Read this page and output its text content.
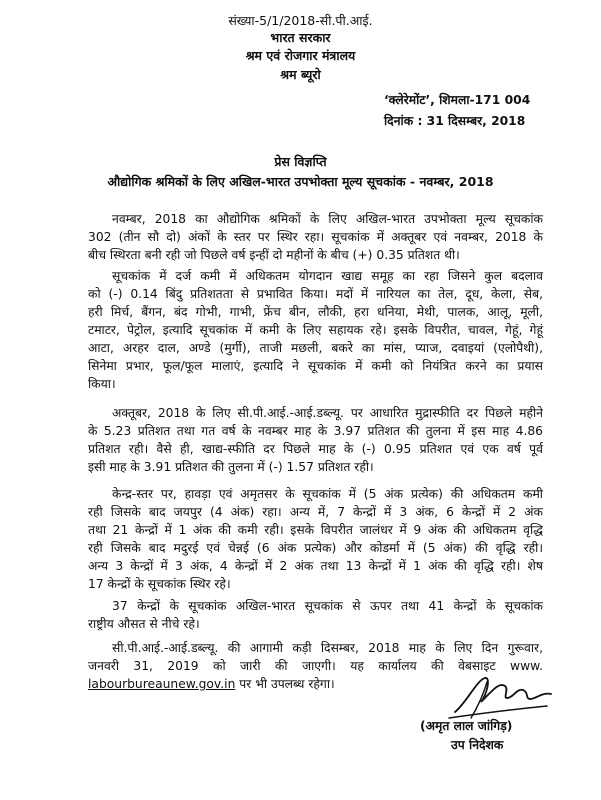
संख्या-5/1/2018-सी.पी.आई.
भारत सरकार
श्रम एवं रोजगार मंत्रालय
श्रम ब्यूरो
‘क्लेरेमोंट’, शिमला-171 004
दिनांक : 31 दिसम्बर, 2018
प्रेस विज्ञप्ति
औद्योगिक श्रमिकों के लिए अखिल-भारत उपभोक्ता मूल्य सूचकांक - नवम्बर, 2018
नवम्बर, 2018 का औद्योगिक श्रमिकों के लिए अखिल-भारत उपभोक्ता मूल्य सूचकांक
302 (तीन सौ दो) अंकों के स्तर पर स्थिर रहा। सूचकांक में अक्तूबर एवं नवम्बर, 2018 के
बीच स्थिरता बनी रही जो पिछले वर्ष इन्हीं दो महीनों के बीच (+) 0.35 प्रतिशत थी।
सूचकांक में दर्ज कमी में अधिकतम योगदान खाद्य समूह का रहा जिसने कुल बदलाव
को (-) 0.14 बिंदु प्रतिशतता से प्रभावित किया। मदों में नारियल का तेल, दूध, केला, सेब,
हरी मिर्च, बैंगन, बंद गोभी, गाभी, फ्रेंच बीन, लौकी, हरा धनिया, मेथी, पालक, आलू, मूली,
टमाटर, पेट्रोल, इत्यादि सूचकांक में कमी के लिए सहायक रहे। इसके विपरीत, चावल, गेहूं, गेहूं
आटा, अरहर दाल, अण्डे (मुर्गी), ताजी मछली, बकरे का मांस, प्याज, दवाइयां (एलोपैथी),
सिनेमा प्रभार, फूल/फूल मालाएं, इत्यादि ने सूचकांक में कमी को नियंत्रित करने का प्रयास
किया।
अक्तूबर, 2018 के लिए सी.पी.आई.-आई.डब्ल्यू. पर आधारित मुद्रास्फीति दर पिछले महीने
के 5.23 प्रतिशत तथा गत वर्ष के नवम्बर माह के 3.97 प्रतिशत की तुलना में इस माह 4.86
प्रतिशत रही। वैसे ही, खाद्य-स्फीति दर पिछले माह के (-) 0.95 प्रतिशत एवं एक वर्ष पूर्व
इसी माह के 3.91 प्रतिशत की तुलना में (-) 1.57 प्रतिशत रही।
केन्द्र-स्तर पर, हावड़ा एवं अमृतसर के सूचकांक में (5 अंक प्रत्येक) की अधिकतम कमी
रही जिसके बाद जयपुर (4 अंक) रहा। अन्य में, 7 केन्द्रों में 3 अंक, 6 केन्द्रों में 2 अंक
तथा 21 केन्द्रों में 1 अंक की कमी रही। इसके विपरीत जालंधर में 9 अंक की अधिकतम वृद्धि
रही जिसके बाद मदुरई एवं चेन्नई (6 अंक प्रत्येक) और कोडर्मा में (5 अंक) की वृद्धि रही।
अन्य 3 केन्द्रों में 3 अंक, 4 केन्द्रों में 2 अंक तथा 13 केन्द्रों में 1 अंक की वृद्धि रही। शेष
17 केन्द्रों के सूचकांक स्थिर रहे।
37 केन्द्रों के सूचकांक अखिल-भारत सूचकांक से ऊपर तथा 41 केन्द्रों के सूचकांक
राष्ट्रीय औसत से नीचे रहे।
सी.पी.आई.-आई.डब्ल्यू. की आगामी कड़ी दिसम्बर, 2018 माह के लिए दिन गुरूवार,
जनवरी 31, 2019 को जारी की जाएगी। यह कार्यालय की वेबसाइट www.
labourbureaunew.gov.in पर भी उपलब्ध रहेगा।
(अमृत लाल जांगिड़)
उप निदेशक
